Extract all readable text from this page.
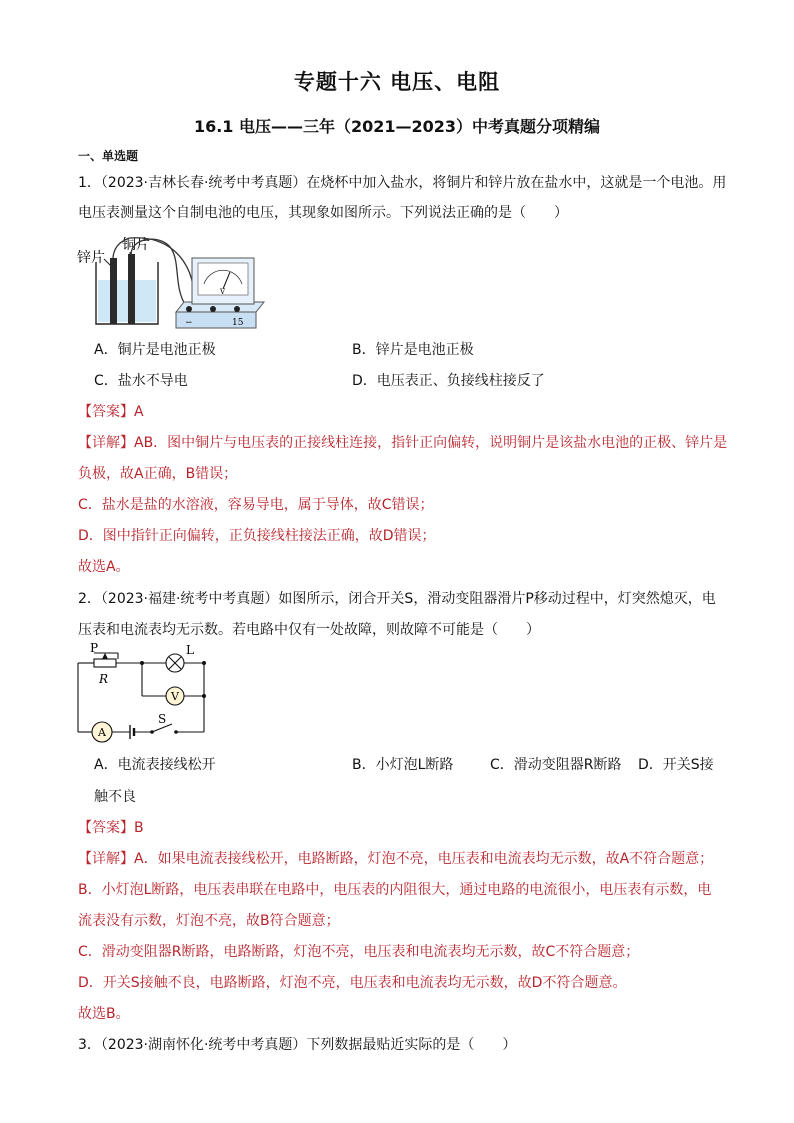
专题十六 电压、电阻
16.1 电压——三年（2021—2023）中考真题分项精编
一、单选题
1．（2023·吉林长春·统考中考真题）在烧杯中加入盐水，将铜片和锌片放在盐水中，这就是一个电池。用
电压表测量这个自制电池的电压，其现象如图所示。下列说法正确的是（　　）
锌片
铜片
V
−	15
A．铜片是电池正极	B．锌片是电池正极
C．盐水不导电	D．电压表正、负接线柱接反了
【答案】A
【详解】AB．图中铜片与电压表的正接线柱连接，指针正向偏转，说明铜片是该盐水电池的正极、锌片是
负极，故A正确，B错误；
C．盐水是盐的水溶液，容易导电，属于导体，故C错误；
D．图中指针正向偏转，正负接线柱接法正确，故D错误；
故选A。
2．（2023·福建·统考中考真题）如图所示，闭合开关S，滑动变阻器滑片P移动过程中，灯突然熄灭，电
压表和电流表均无示数。若电路中仅有一处故障，则故障不可能是（　　）
P
R
L
V
A
S
A．电流表接线松开	B．小灯泡L断路	C．滑动变阻器R断路 D．开关S接
触不良
【答案】B
【详解】A．如果电流表接线松开，电路断路，灯泡不亮，电压表和电流表均无示数，故A不符合题意；
B．小灯泡L断路，电压表串联在电路中，电压表的内阻很大，通过电路的电流很小，电压表有示数，电
流表没有示数，灯泡不亮，故B符合题意；
C．滑动变阻器R断路，电路断路，灯泡不亮，电压表和电流表均无示数，故C不符合题意；
D．开关S接触不良，电路断路，灯泡不亮，电压表和电流表均无示数，故D不符合题意。
故选B。
3．（2023·湖南怀化·统考中考真题）下列数据最贴近实际的是（　　）
